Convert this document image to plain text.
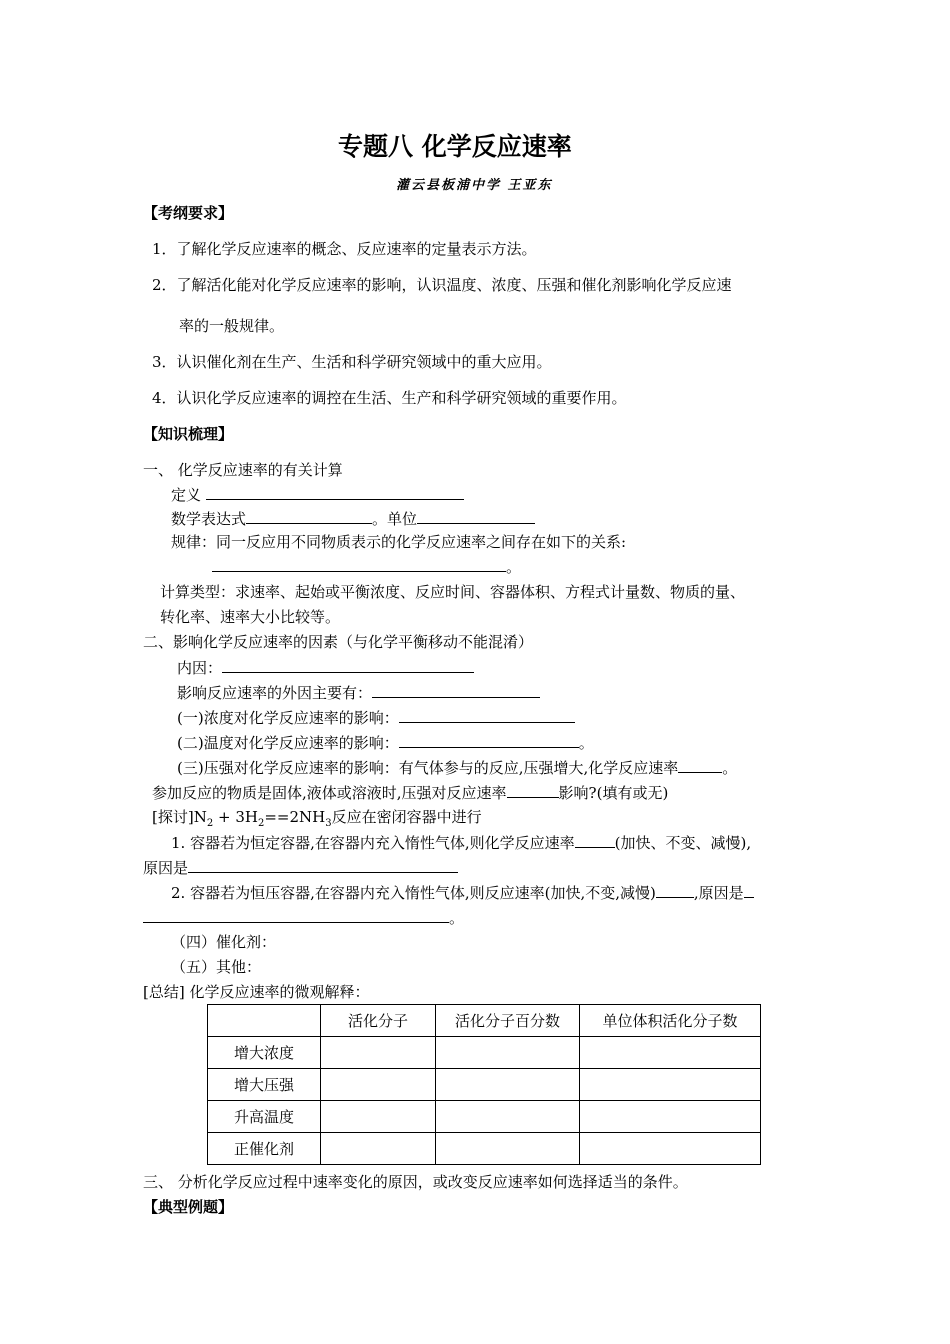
专题八 化学反应速率
灌云县板浦中学 王亚东
【考纲要求】
1．了解化学反应速率的概念、反应速率的定量表示方法。
2．了解活化能对化学反应速率的影响，认识温度、浓度、压强和催化剂影响化学反应速
率的一般规律。
3．认识催化剂在生产、生活和科学研究领域中的重大应用。
4．认识化学反应速率的调控在生活、生产和科学研究领域的重要作用。
【知识梳理】
一、 化学反应速率的有关计算
定义
数学表达式	。单位
规律：同一反应用不同物质表示的化学反应速率之间存在如下的关系:
。
计算类型：求速率、起始或平衡浓度、反应时间、容器体积、方程式计量数、物质的量、
转化率、速率大小比较等。
二、影响化学反应速率的因素（与化学平衡移动不能混淆）
内因：
影响反应速率的外因主要有：
(一)浓度对化学反应速率的影响：
(二)温度对化学反应速率的影响：	。
(三)压强对化学反应速率的影响：有气体参与的反应,压强增大,化学反应速率	。
参加反应的物质是固体,液体或溶液时,压强对反应速率	影响?(填有或无)
[探讨]$N_2 + 3H_2==2NH_3$反应在密闭容器中进行
1. 容器若为恒定容器,在容器内充入惰性气体,则化学反应速率	(加快、不变、减慢),
原因是
2. 容器若为恒压容器,在容器内充入惰性气体,则反应速率(加快,不变,减慢)	,原因是
。
（四）催化剂：
（五）其他：
[总结] 化学反应速率的微观解释：
	活化分子	活化分子百分数	单位体积活化分子数
增大浓度			
增大压强			
升高温度			
正催化剂			
三、 分析化学反应过程中速率变化的原因，或改变反应速率如何选择适当的条件。
【典型例题】
